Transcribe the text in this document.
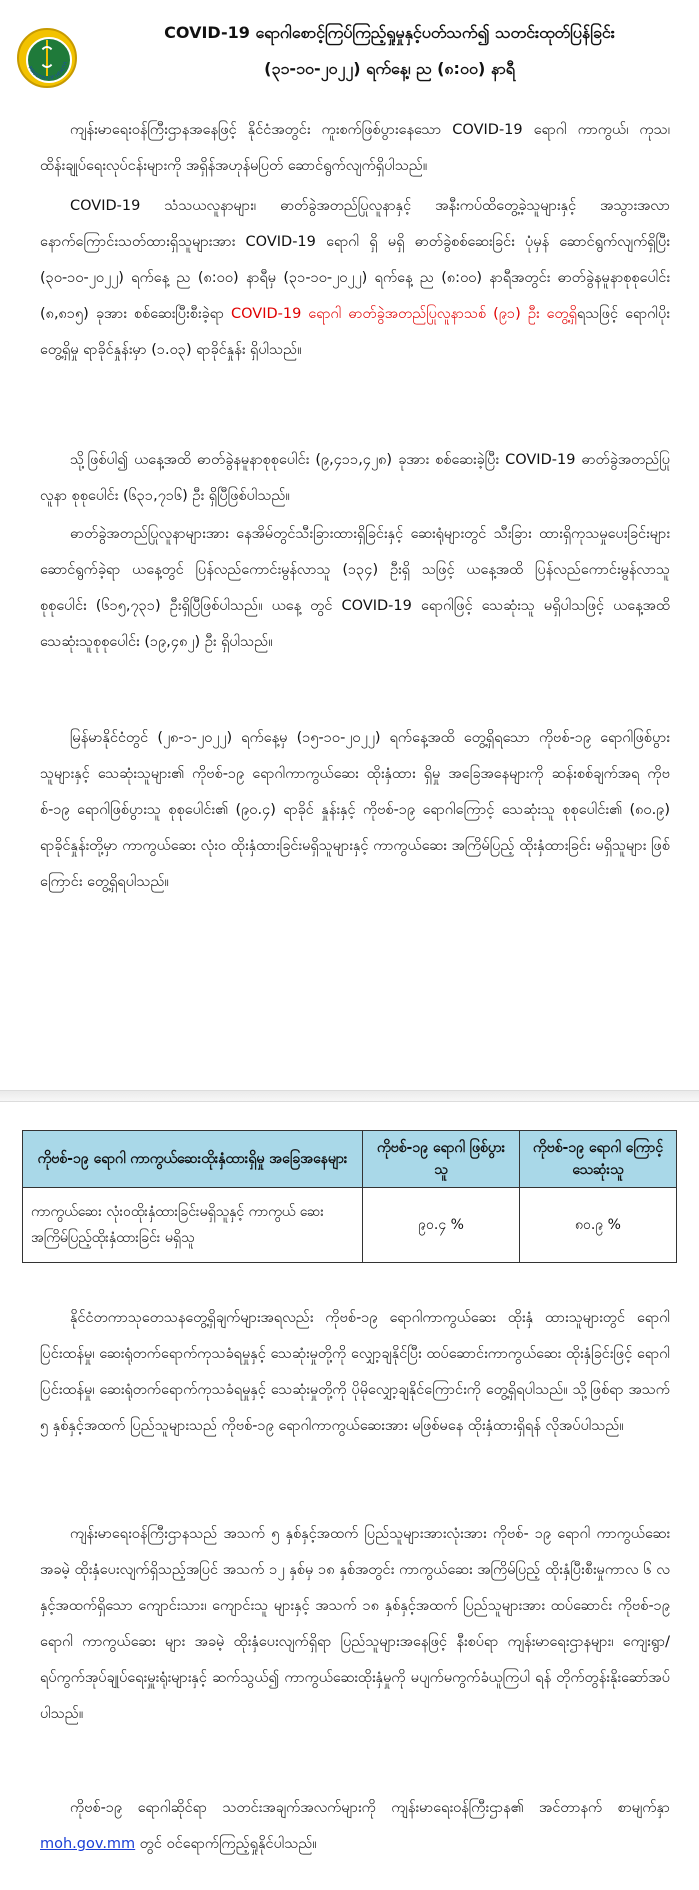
MINISTRY OF HEALTH
COVID-19 ရောဂါစောင့်ကြပ်ကြည့်ရှုမှုနှင့်ပတ်သက်၍ သတင်းထုတ်ပြန်ခြင်း
(၃၁-၁၀-၂၀၂၂) ရက်နေ့၊ ည (၈:၀၀) နာရီ
ကျန်းမာရေးဝန်ကြီးဌာနအနေဖြင့် နိုင်ငံအတွင်း ကူးစက်ဖြစ်ပွားနေသော COVID-19 ရောဂါ ကာကွယ်၊ ကုသ၊ ထိန်းချုပ်ရေးလုပ်ငန်းများကို အရှိန်အဟုန်မပြတ် ဆောင်ရွက်လျက်ရှိပါသည်။
COVID-19 သံသယလူနာများ၊ ဓာတ်ခွဲအတည်ပြုလူနာနှင့် အနီးကပ်ထိတွေ့ခဲ့သူများနှင့် အသွားအလာနောက်ကြောင်းသတ်ထားရှိသူများအား COVID-19 ရောဂါ ရှိ မရှိ ဓာတ်ခွဲစစ်ဆေးခြင်း ပုံမှန် ဆောင်ရွက်လျက်ရှိပြီး (၃၀-၁၀-၂၀၂၂) ရက်နေ့ ည (၈:၀၀) နာရီမှ (၃၁-၁၀-၂၀၂၂) ရက်နေ့ ည (၈:၀၀) နာရီအတွင်း ဓာတ်ခွဲနမူနာစုစုပေါင်း (၈,၈၁၅) ခုအား စစ်ဆေးပြီးစီးခဲ့ရာ COVID-19 ရောဂါ ဓာတ်ခွဲအတည်ပြုလူနာသစ် (၉၁) ဦး တွေ့ရှိရသဖြင့် ရောဂါပိုးတွေ့ရှိမှု ရာခိုင်နှုန်းမှာ (၁.၀၃) ရာခိုင်နှုန်း ရှိပါသည်။
သို့ဖြစ်ပါ၍ ယနေ့အထိ ဓာတ်ခွဲနမူနာစုစုပေါင်း (၉,၄၁၁,၄၂၈) ခုအား စစ်ဆေးခဲ့ပြီး COVID-19 ဓာတ်ခွဲအတည်ပြုလူနာ စုစုပေါင်း (၆၃၁,၇၁၆) ဦး ရှိပြီဖြစ်ပါသည်။
ဓာတ်ခွဲအတည်ပြုလူနာများအား နေအိမ်တွင်သီးခြားထားရှိခြင်းနှင့် ဆေးရုံများတွင် သီးခြား ထားရှိကုသမှုပေးခြင်းများ ဆောင်ရွက်ခဲ့ရာ ယနေ့တွင် ပြန်လည်ကောင်းမွန်လာသူ (၁၃၄) ဦးရှိ သဖြင့် ယနေ့အထိ ပြန်လည်ကောင်းမွန်လာသူ စုစုပေါင်း (၆၁၅,၇၃၁) ဦးရှိပြီဖြစ်ပါသည်။ ယနေ့ တွင် COVID-19 ရောဂါဖြင့် သေဆုံးသူ မရှိပါသဖြင့် ယနေ့အထိ သေဆုံးသူစုစုပေါင်း (၁၉,၄၈၂) ဦး ရှိပါသည်။
မြန်မာနိုင်ငံတွင် (၂၈-၁-၂၀၂၂) ရက်နေ့မှ (၁၅-၁၀-၂၀၂၂) ရက်နေ့အထိ တွေ့ရှိရသော ကိုဗစ်-၁၉ ရောဂါဖြစ်ပွားသူများနှင့် သေဆုံးသူများ၏ ကိုဗစ်-၁၉ ရောဂါကာကွယ်ဆေး ထိုးနှံထား ရှိမှု အခြေအနေများကို ဆန်းစစ်ချက်အရ ကိုဗစ်-၁၉ ရောဂါဖြစ်ပွားသူ စုစုပေါင်း၏ (၉၀.၄) ရာခိုင် နှုန်းနှင့် ကိုဗစ်-၁၉ ရောဂါကြောင့် သေဆုံးသူ စုစုပေါင်း၏ (၈၀.၉) ရာခိုင်နှုန်းတို့မှာ ကာကွယ်ဆေး လုံးဝ ထိုးနှံထားခြင်းမရှိသူများနှင့် ကာကွယ်ဆေး အကြိမ်ပြည့် ထိုးနှံထားခြင်း မရှိသူများ ဖြစ် ကြောင်း တွေ့ရှိရပါသည်။
ကိုဗစ်-၁၉ ရောဂါ ကာကွယ်ဆေးထိုးနှံထားရှိမှု အခြေအနေများ	ကိုဗစ်-၁၉ ရောဂါ ဖြစ်ပွားသူ	ကိုဗစ်-၁၉ ရောဂါ ကြောင့် သေဆုံးသူ
ကာကွယ်ဆေး လုံးဝထိုးနှံထားခြင်းမရှိသူနှင့် ကာကွယ် ဆေး အကြိမ်ပြည့်ထိုးနှံထားခြင်း မရှိသူ	၉၀.၄ %	၈၀.၉ %
နိုင်ငံတကာသုတေသနတွေ့ရှိချက်များအရလည်း ကိုဗစ်-၁၉ ရောဂါကာကွယ်ဆေး ထိုးနှံ ထားသူများတွင် ရောဂါပြင်းထန်မှု၊ ဆေးရုံတက်ရောက်ကုသခံရမှုနှင့် သေဆုံးမှုတို့ကို လျှော့ချနိုင်ပြီး ထပ်ဆောင်းကာကွယ်ဆေး ထိုးနှံခြင်းဖြင့် ရောဂါပြင်းထန်မှု၊ ဆေးရုံတက်ရောက်ကုသခံရမှုနှင့် သေဆုံးမှုတို့ကို ပိုမိုလျှော့ချနိုင်ကြောင်းကို တွေ့ရှိရပါသည်။ သို့ဖြစ်ရာ အသက် ၅ နှစ်နှင့်အထက် ပြည်သူများသည် ကိုဗစ်-၁၉ ရောဂါကာကွယ်ဆေးအား မဖြစ်မနေ ထိုးနှံထားရှိရန် လိုအပ်ပါသည်။
ကျန်းမာရေးဝန်ကြီးဌာနသည် အသက် ၅ နှစ်နှင့်အထက် ပြည်သူများအားလုံးအား ကိုဗစ်- ၁၉ ရောဂါ ကာကွယ်ဆေး အခမဲ့ ထိုးနှံပေးလျက်ရှိသည့်အပြင် အသက် ၁၂ နှစ်မှ ၁၈ နှစ်အတွင်း ကာကွယ်ဆေး အကြိမ်ပြည့် ထိုးနှံပြီးစီးမှုကာလ ၆ လနှင့်အထက်ရှိသော ကျောင်းသား၊ ကျောင်းသူ များနှင့် အသက် ၁၈ နှစ်နှင့်အထက် ပြည်သူများအား ထပ်ဆောင်း ကိုဗစ်-၁၉ ရောဂါ ကာကွယ်ဆေး များ အခမဲ့ ထိုးနှံပေးလျက်ရှိရာ ပြည်သူများအနေဖြင့် နီးစပ်ရာ ကျန်းမာရေးဌာနများ၊ ကျေးရွာ/ ရပ်ကွက်အုပ်ချုပ်ရေးမှူးရုံးများနှင့် ဆက်သွယ်၍ ကာကွယ်ဆေးထိုးနှံမှုကို မပျက်မကွက်ခံယူကြပါ ရန် တိုက်တွန်းနိုးဆော်အပ်ပါသည်။
ကိုဗစ်-၁၉ ရောဂါဆိုင်ရာ သတင်းအချက်အလက်များကို ကျန်းမာရေးဝန်ကြီးဌာန၏ အင်တာနက် စာမျက်နှာ moh.gov.mm တွင် ဝင်ရောက်ကြည့်ရှုနိုင်ပါသည်။
